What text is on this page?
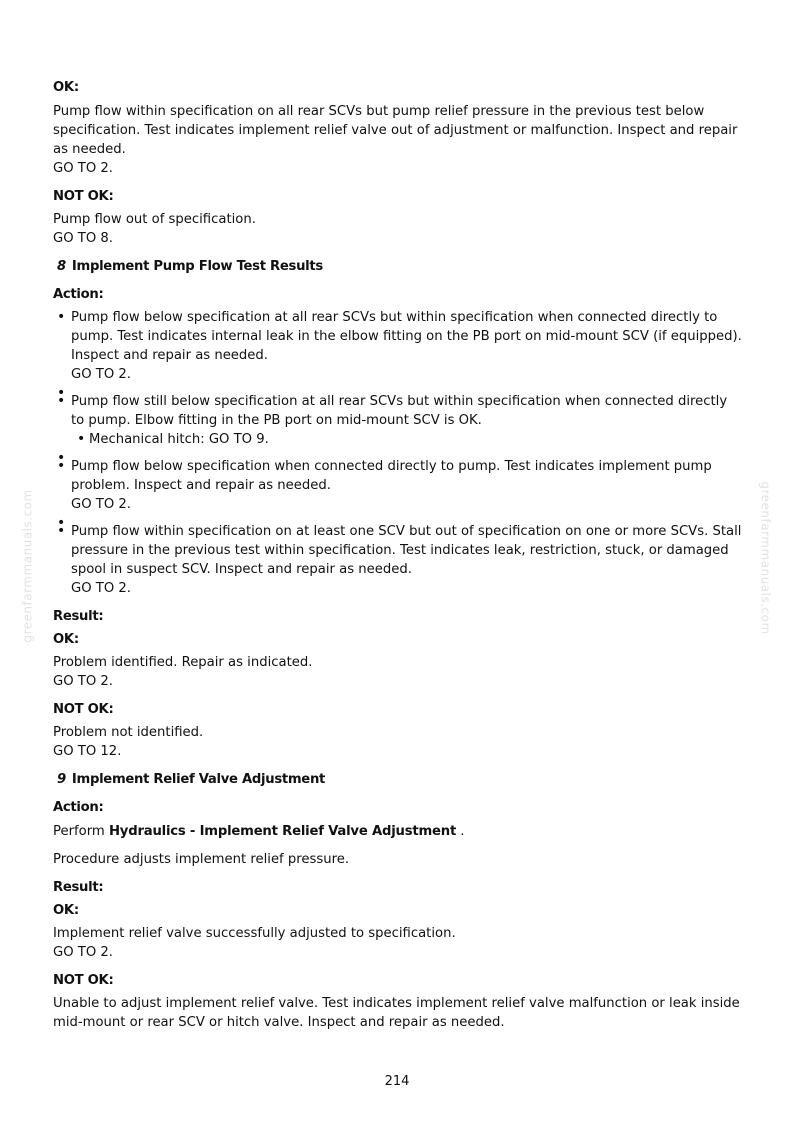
greenfarmmanuals.com	greenfarmmanuals.com

OK:

Pump flow within specification on all rear SCVs but pump relief pressure in the previous test below specification. Test indicates implement relief valve out of adjustment or malfunction. Inspect and repair as needed.

GO TO 2.

NOT OK:

Pump flow out of specification.

GO TO 8.

8 Implement Pump Flow Test Results

Action:

• Pump flow below specification at all rear SCVs but within specification when connected directly to pump. Test indicates internal leak in the elbow fitting on the PB port on mid-mount SCV (if equipped). Inspect and repair as needed.
GO TO 2.
•
• Pump flow still below specification at all rear SCVs but within specification when connected directly to pump. Elbow fitting in the PB port on mid-mount SCV is OK.
• Mechanical hitch: GO TO 9.
•
• Pump flow below specification when connected directly to pump. Test indicates implement pump problem. Inspect and repair as needed.
GO TO 2.
•
• Pump flow within specification on at least one SCV but out of specification on one or more SCVs. Stall pressure in the previous test within specification. Test indicates leak, restriction, stuck, or damaged spool in suspect SCV. Inspect and repair as needed.
GO TO 2.

Result:

OK:

Problem identified. Repair as indicated.

GO TO 2.

NOT OK:

Problem not identified.

GO TO 12.

9 Implement Relief Valve Adjustment

Action:

Perform Hydraulics - Implement Relief Valve Adjustment .

Procedure adjusts implement relief pressure.

Result:

OK:

Implement relief valve successfully adjusted to specification.

GO TO 2.

NOT OK:

Unable to adjust implement relief valve. Test indicates implement relief valve malfunction or leak inside mid-mount or rear SCV or hitch valve. Inspect and repair as needed.

214
